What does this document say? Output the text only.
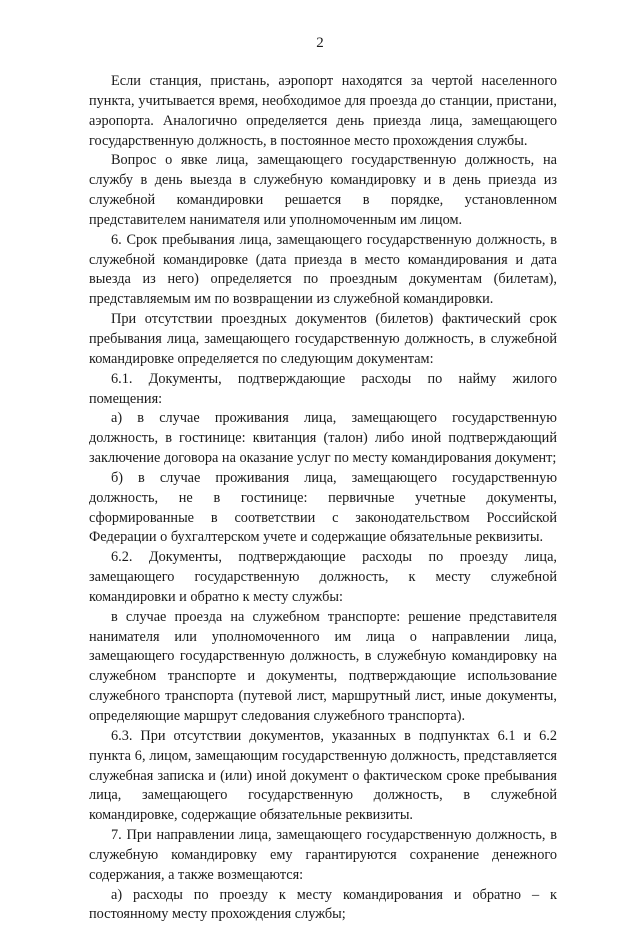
2

Если станция, пристань, аэропорт находятся за чертой населенного пункта, учитывается время, необходимое для проезда до станции, пристани, аэропорта. Аналогично определяется день приезда лица, замещающего государственную должность, в постоянное место прохождения службы.

Вопрос о явке лица, замещающего государственную должность, на службу в день выезда в служебную командировку и в день приезда из служебной командировки решается в порядке, установленном представителем нанимателя или уполномоченным им лицом.

6. Срок пребывания лица, замещающего государственную должность, в служебной командировке (дата приезда в место командирования и дата выезда из него) определяется по проездным документам (билетам), представляемым им по возвращении из служебной командировки.

При отсутствии проездных документов (билетов) фактический срок пребывания лица, замещающего государственную должность, в служебной командировке определяется по следующим документам:

6.1. Документы, подтверждающие расходы по найму жилого помещения:

а) в случае проживания лица, замещающего государственную должность, в гостинице: квитанция (талон) либо иной подтверждающий заключение договора на оказание услуг по месту командирования документ;

б) в случае проживания лица, замещающего государственную должность, не в гостинице: первичные учетные документы, сформированные в соответствии с законодательством Российской Федерации о бухгалтерском учете и содержащие обязательные реквизиты.

6.2. Документы, подтверждающие расходы по проезду лица, замещающего государственную должность, к месту служебной командировки и обратно к месту службы:

в случае проезда на служебном транспорте: решение представителя нанимателя или уполномоченного им лица о направлении лица, замещающего государственную должность, в служебную командировку на служебном транспорте и документы, подтверждающие использование служебного транспорта (путевой лист, маршрутный лист, иные документы, определяющие маршрут следования служебного транспорта).

6.3. При отсутствии документов, указанных в подпунктах 6.1 и 6.2 пункта 6, лицом, замещающим государственную должность, представляется служебная записка и (или) иной документ о фактическом сроке пребывания лица, замещающего государственную должность, в служебной командировке, содержащие обязательные реквизиты.

7. При направлении лица, замещающего государственную должность, в служебную командировку ему гарантируются сохранение денежного содержания, а также возмещаются:

а) расходы по проезду к месту командирования и обратно – к постоянному месту прохождения службы;
